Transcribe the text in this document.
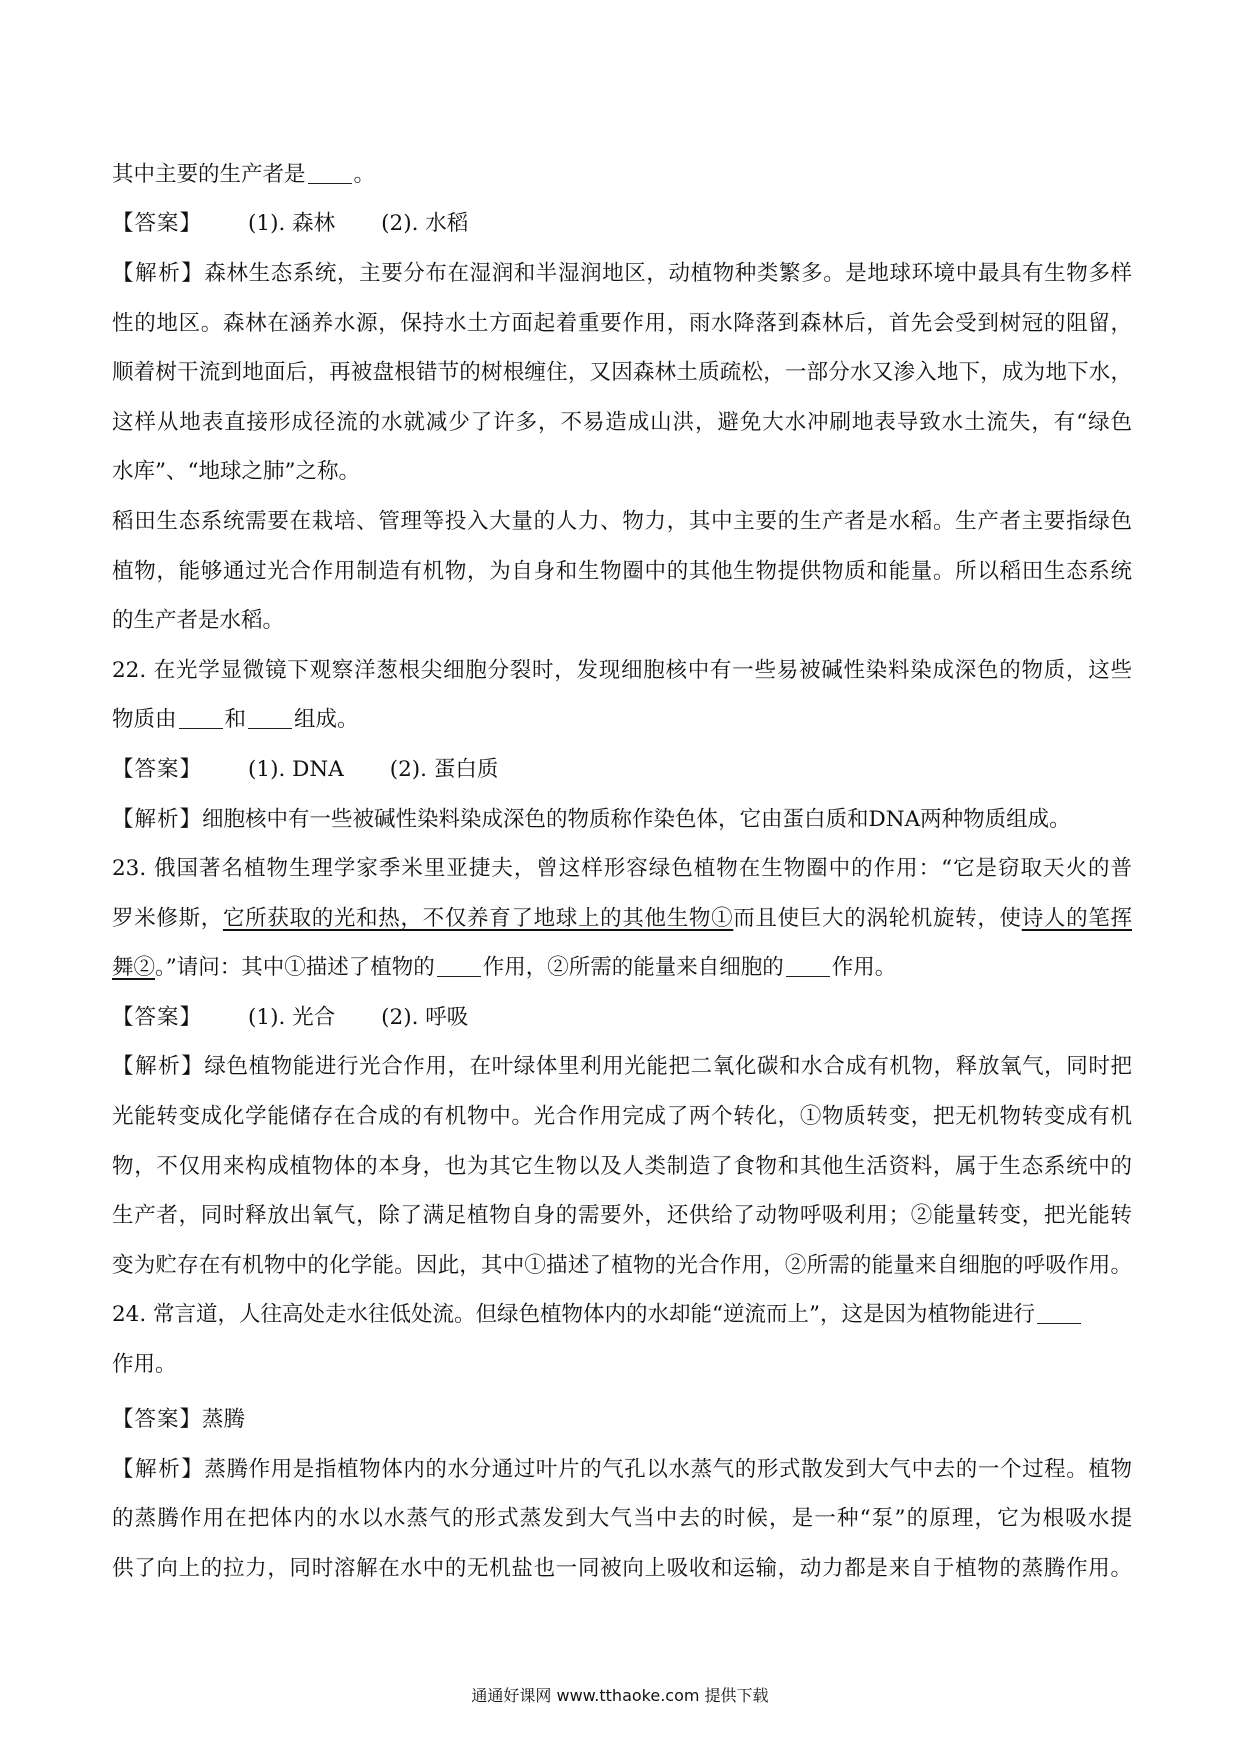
其中主要的生产者是 。
【答案】 (1). 森林 (2). 水稻
【解析】森林生态系统，主要分布在湿润和半湿润地区，动植物种类繁多。是地球环境中最具有生物多样
性的地区。森林在涵养水源，保持水土方面起着重要作用，雨水降落到森林后，首先会受到树冠的阻留，
顺着树干流到地面后，再被盘根错节的树根缠住，又因森林土质疏松，一部分水又渗入地下，成为地下水，
这样从地表直接形成径流的水就减少了许多，不易造成山洪，避免大水冲刷地表导致水土流失，有“绿色
水库”、“地球之肺”之称。
稻田生态系统需要在栽培、管理等投入大量的人力、物力，其中主要的生产者是水稻。生产者主要指绿色
植物，能够通过光合作用制造有机物，为自身和生物圈中的其他生物提供物质和能量。所以稻田生态系统
的生产者是水稻。
22. 在光学显微镜下观察洋葱根尖细胞分裂时，发现细胞核中有一些易被碱性染料染成深色的物质，这些
物质由 和 组成。
【答案】 (1). DNA (2). 蛋白质
【解析】细胞核中有一些被碱性染料染成深色的物质称作染色体，它由蛋白质和DNA两种物质组成。
23. 俄国著名植物生理学家季米里亚捷夫，曾这样形容绿色植物在生物圈中的作用：“它是窃取天火的普
罗米修斯，它所获取的光和热，不仅养育了地球上的其他生物①而且使巨大的涡轮机旋转，使诗人的笔挥
舞②。”请问：其中①描述了植物的 作用，②所需的能量来自细胞的 作用。
【答案】 (1). 光合 (2). 呼吸
【解析】绿色植物能进行光合作用，在叶绿体里利用光能把二氧化碳和水合成有机物，释放氧气，同时把
光能转变成化学能储存在合成的有机物中。光合作用完成了两个转化，①物质转变，把无机物转变成有机
物，不仅用来构成植物体的本身，也为其它生物以及人类制造了食物和其他生活资料，属于生态系统中的
生产者，同时释放出氧气，除了满足植物自身的需要外，还供给了动物呼吸利用；②能量转变，把光能转
变为贮存在有机物中的化学能。因此，其中①描述了植物的光合作用，②所需的能量来自细胞的呼吸作用。
24. 常言道，人往高处走水往低处流。但绿色植物体内的水却能“逆流而上”，这是因为植物能进行
作用。
【答案】蒸腾
【解析】蒸腾作用是指植物体内的水分通过叶片的气孔以水蒸气的形式散发到大气中去的一个过程。植物
的蒸腾作用在把体内的水以水蒸气的形式蒸发到大气当中去的时候，是一种“泵”的原理，它为根吸水提
供了向上的拉力，同时溶解在水中的无机盐也一同被向上吸收和运输，动力都是来自于植物的蒸腾作用。
通通好课网 www.tthaoke.com 提供下载
